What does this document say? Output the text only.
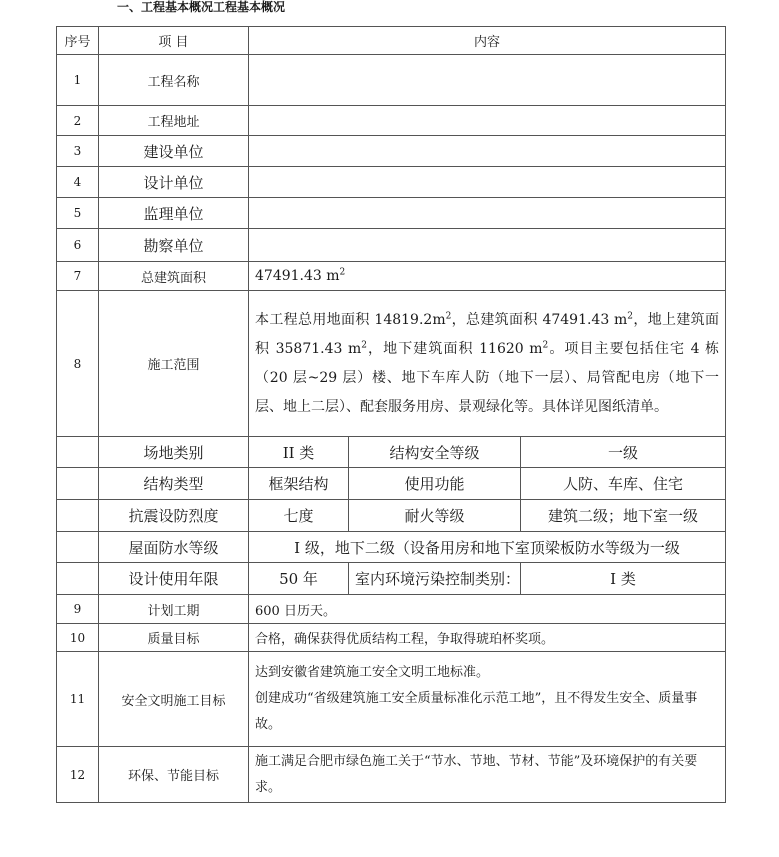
一、工程基本概况工程基本概况
序号	项 目	内容		
1	工程名称			
2	工程地址			
3	建设单位			
4	设计单位			
5	监理单位			
6	勘察单位			
7	总建筑面积	47491.43 $m^2$
8	施工范围	本工程总用地面积 $14819.2m^2$，总建筑面积 47491.43 $m^2$，地上建筑面积 35871.43 $m^2$，地下建筑面积 11620 $m^2$。项目主要包括住宅 4 栋（20 层~29 层）楼、地下车库人防（地下一层）、局管配电房（地下一层、地上二层）、配套服务用房、景观绿化等。具体详见图纸清单。		
	场地类别	II 类	结构安全等级	一级
	结构类型	框架结构	使用功能	人防、车库、住宅
	抗震设防烈度	七度	耐火等级	建筑二级；地下室一级
	屋面防水等级	I 级，地下二级（设备用房和地下室顶梁板防水等级为一级		
	设计使用年限	50 年	室内环境污染控制类别：	I 类
9	计划工期	600 日历天。		
10	质量目标	合格，确保获得优质结构工程，争取得琥珀杯奖项。		
11	安全文明施工目标	达到安徽省建筑施工安全文明工地标准。

创建成功“省级建筑施工安全质量标准化示范工地”，且不得发生安全、质量事故。		

12	环保、节能目标	施工满足合肥市绿色施工关于“节水、节地、节材、节能”及环境保护的有关要求。		
